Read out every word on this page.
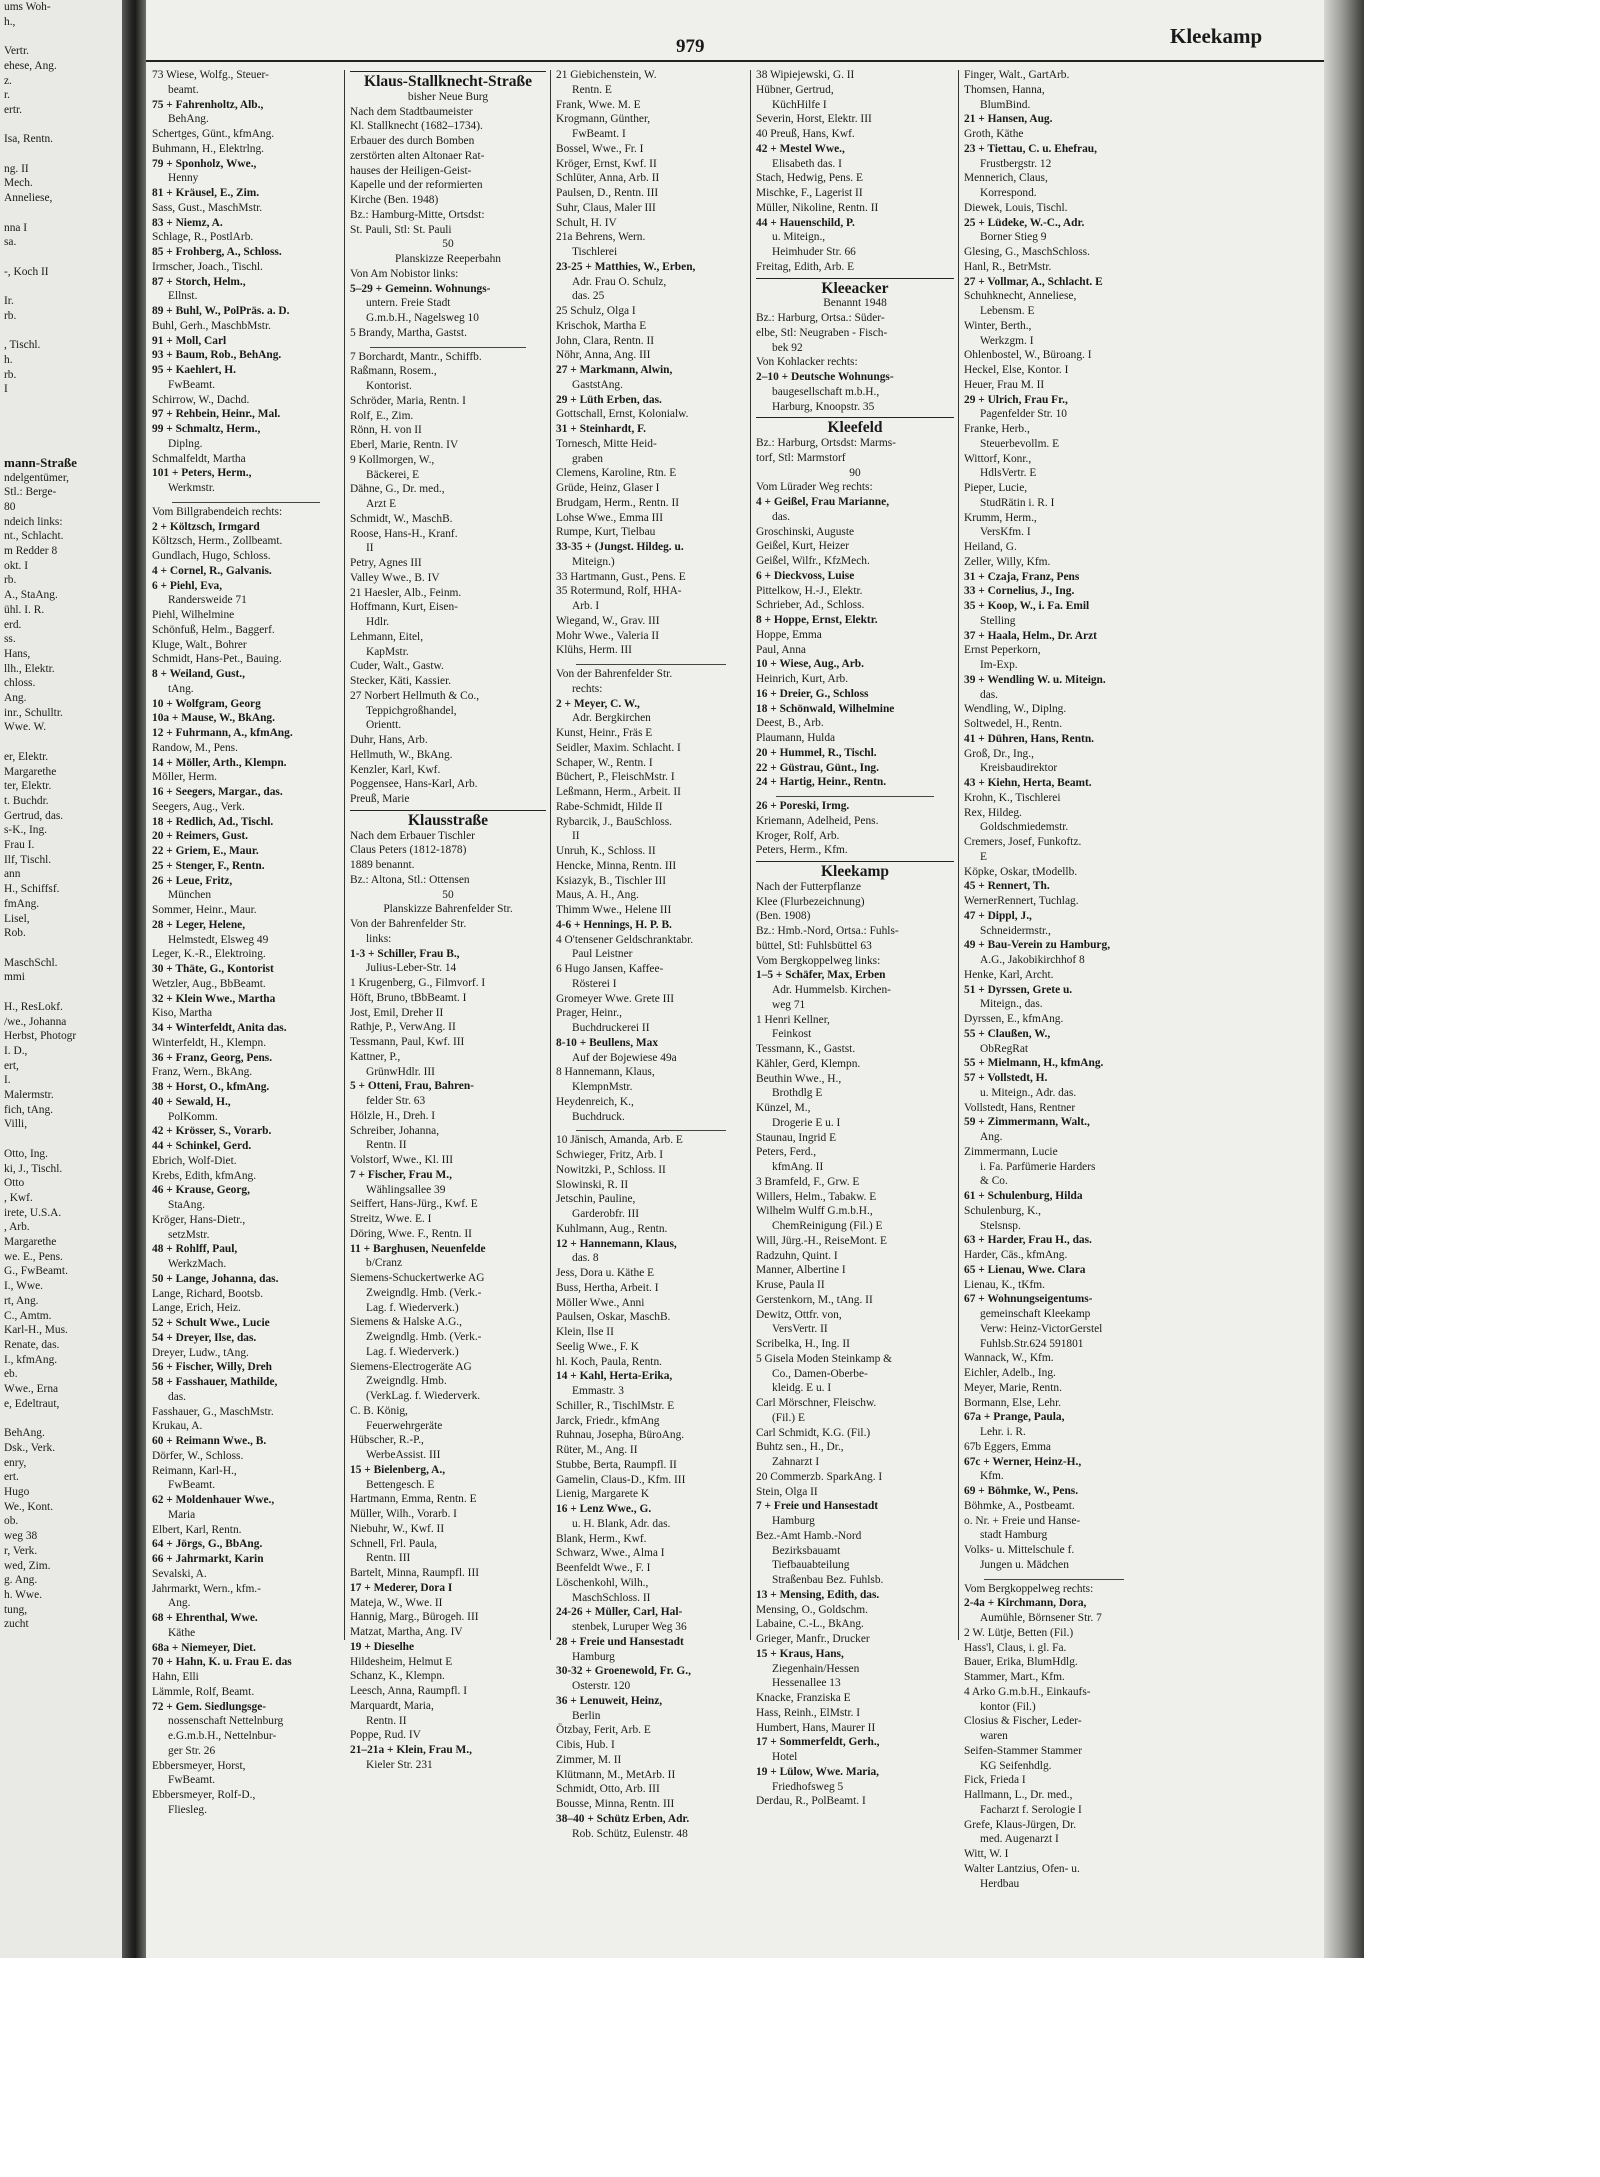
ums Woh-
h.,

Vertr.
ehese, Ang.
z.
r.
ertr.

Isa, Rentn.

ng. II
Mech.
Anneliese,

nna I
sa.

-, Koch II

Ir.
rb.

, Tischl.
h.
rb.
I

mann-Straße
ndelgentümer,
Stl.: Berge-
80
ndeich links:
nt., Schlacht.
m Redder 8
okt. I
rb.
A., StaAng.
ühl. I. R.
erd.
ss.
Hans,
llh., Elektr.
chloss.
Ang.
inr., Schulltr.
Wwe. W.

er, Elektr.
Margarethe
ter, Elektr.
t. Buchdr.
Gertrud, das.
s-K., Ing.
Frau I.
Ilf, Tischl.
ann
H., Schiffsf.
fmAng.
Lisel,
Rob.

MaschSchl.
mmi

H., ResLokf.
/we., Johanna
Herbst, Photogr
I. D.,
ert,
I.
Malermstr.
fich, tAng.
Villi,

Otto, Ing.
ki, J., Tischl.
Otto
, Kwf.
irete, U.S.A.
, Arb.
Margarethe
we. E., Pens.
G., FwBeamt.
I., Wwe.
rt, Ang.
C., Amtm.
Karl-H., Mus.
Renate, das.
I., kfmAng.
eb.
Wwe., Erna
e, Edeltraut,

BehAng.
Dsk., Verk.
enry,
ert.
Hugo
We., Kont.
ob.
weg 38
r, Verk.
wed, Zim.
g. Ang.
h. Wwe.
tung,
zucht
979	Kleekamp
73 Wiese, Wolfg., Steuer-
beamt.
75 + Fahrenholtz, Alb.,
BehAng.
Schertges, Günt., kfmAng.
Buhmann, H., Elektrlng.
79 + Sponholz, Wwe.,
Henny
81 + Kräusel, E., Zim.
Sass, Gust., MaschMstr.
83 + Niemz, A.
Schlage, R., PostlArb.
85 + Frohberg, A., Schloss.
Irmscher, Joach., Tischl.
87 + Storch, Helm.,
Ellnst.
89 + Buhl, W., PolPräs. a. D.
Buhl, Gerh., MaschbMstr.
91 + Moll, Carl
93 + Baum, Rob., BehAng.
95 + Kaehlert, H.
FwBeamt.
Schirrow, W., Dachd.
97 + Rehbein, Heinr., Mal.
99 + Schmaltz, Herm.,
Diplng.
Schmalfeldt, Martha
101 + Peters, Herm.,
Werkmstr.
Vom Billgrabendeich rechts:
2 + Költzsch, Irmgard
Költzsch, Herm., Zollbeamt.
Gundlach, Hugo, Schloss.
4 + Cornel, R., Galvanis.
6 + Piehl, Eva,
Randersweide 71
Piehl, Wilhelmine
Schönfuß, Helm., Baggerf.
Kluge, Walt., Bohrer
Schmidt, Hans-Pet., Bauing.
8 + Weiland, Gust.,
tAng.
10 + Wolfgram, Georg
10a + Mause, W., BkAng.
12 + Fuhrmann, A., kfmAng.
Randow, M., Pens.
14 + Möller, Arth., Klempn.
Möller, Herm.
16 + Seegers, Margar., das.
Seegers, Aug., Verk.
18 + Redlich, Ad., Tischl.
20 + Reimers, Gust.
22 + Griem, E., Maur.
25 + Stenger, F., Rentn.
26 + Leue, Fritz,
München
Sommer, Heinr., Maur.
28 + Leger, Helene,
Helmstedt, Elsweg 49
Leger, K.-R., Elektroing.
30 + Thäte, G., Kontorist
Wetzler, Aug., BbBeamt.
32 + Klein Wwe., Martha
Kiso, Martha
34 + Winterfeldt, Anita das.
Winterfeldt, H., Klempn.
36 + Franz, Georg, Pens.
Franz, Wern., BkAng.
38 + Horst, O., kfmAng.
40 + Sewald, H.,
PolKomm.
42 + Krösser, S., Vorarb.
44 + Schinkel, Gerd.
Ebrich, Wolf-Diet.
Krebs, Edith, kfmAng.
46 + Krause, Georg,
StaAng.
Kröger, Hans-Dietr.,
setzMstr.
48 + Rohlff, Paul,
WerkzMach.
50 + Lange, Johanna, das.
Lange, Richard, Bootsb.
Lange, Erich, Heiz.
52 + Schult Wwe., Lucie
54 + Dreyer, Ilse, das.
Dreyer, Ludw., tAng.
56 + Fischer, Willy, Dreh
58 + Fasshauer, Mathilde,
das.
Fasshauer, G., MaschMstr.
Krukau, A.
60 + Reimann Wwe., B.
Dörfer, W., Schloss.
Reimann, Karl-H.,
FwBeamt.
62 + Moldenhauer Wwe.,
Maria
Elbert, Karl, Rentn.
64 + Jörgs, G., BbAng.
66 + Jahrmarkt, Karin
Sevalski, A.
Jahrmarkt, Wern., kfm.-
Ang.
68 + Ehrenthal, Wwe.
Käthe
68a + Niemeyer, Diet.
70 + Hahn, K. u. Frau E. das
Hahn, Elli
Lämmle, Rolf, Beamt.
72 + Gem. Siedlungsge-
nossenschaft Nettelnburg
e.G.m.b.H., Nettelnbur-
ger Str. 26
Ebbersmeyer, Horst,
FwBeamt.
Ebbersmeyer, Rolf-D.,
Fliesleg.
Klaus-Stallknecht-Straße
bisher Neue Burg
Nach dem Stadtbaumeister
Kl. Stallknecht (1682–1734).
Erbauer des durch Bomben
zerstörten alten Altonaer Rat-
hauses der Heiligen-Geist-
Kapelle und der reformierten
Kirche (Ben. 1948)
Bz.: Hamburg-Mitte, Ortsdst:
St. Pauli, Stl: St. Pauli
50
Planskizze Reeperbahn
Von Am Nobistor links:
5–29 + Gemeinn. Wohnungs-
untern. Freie Stadt
G.m.b.H., Nagelsweg 10
5 Brandy, Martha, Gastst.
7 Borchardt, Mantr., Schiffb.
Raßmann, Rosem.,
Kontorist.
Schröder, Maria, Rentn. I
Rolf, E., Zim.
Rönn, H. von II
Eberl, Marie, Rentn. IV
9 Kollmorgen, W.,
Bäckerei, E
Dähne, G., Dr. med.,
Arzt E
Schmidt, W., MaschB.
Roose, Hans-H., Kranf.
II
Petry, Agnes III
Valley Wwe., B. IV
21 Haesler, Alb., Feinm.
Hoffmann, Kurt, Eisen-
Hdlr.
Lehmann, Eitel,
KapMstr.
Cuder, Walt., Gastw.
Stecker, Käti, Kassier.
27 Norbert Hellmuth & Co.,
Teppichgroßhandel,
Orientt.
Duhr, Hans, Arb.
Hellmuth, W., BkAng.
Kenzler, Karl, Kwf.
Poggensee, Hans-Karl, Arb.
Preuß, Marie
Klausstraße
Nach dem Erbauer Tischler
Claus Peters (1812-1878)
1889 benannt.
Bz.: Altona, Stl.: Ottensen
50
Planskizze Bahrenfelder Str.
Von der Bahrenfelder Str.
links:
1-3 + Schiller, Frau B.,
Julius-Leber-Str. 14
1 Krugenberg, G., Filmvorf. I
Höft, Bruno, tBbBeamt. I
Jost, Emil, Dreher II
Rathje, P., VerwAng. II
Tessmann, Paul, Kwf. III
Kattner, P.,
GrünwHdlr. III
5 + Otteni, Frau, Bahren-
felder Str. 63
Hölzle, H., Dreh. I
Schreiber, Johanna,
Rentn. II
Volstorf, Wwe., Kl. III
7 + Fischer, Frau M.,
Wählingsallee 39
Seiffert, Hans-Jürg., Kwf. E
Streitz, Wwe. E. I
Döring, Wwe. F., Rentn. II
11 + Barghusen, Neuenfelde
b/Cranz
Siemens-Schuckertwerke AG
Zweigndlg. Hmb. (Verk.-
Lag. f. Wiederverk.)
Siemens & Halske A.G.,
Zweigndlg. Hmb. (Verk.-
Lag. f. Wiederverk.)
Siemens-Electrogeräte AG
Zweigndlg. Hmb.
(VerkLag. f. Wiederverk.
C. B. König,
Feuerwehrgeräte
Hübscher, R.-P.,
WerbeAssist. III
15 + Bielenberg, A.,
Bettengesch. E
Hartmann, Emma, Rentn. E
Müller, Wilh., Vorarb. I
Niebuhr, W., Kwf. II
Schnell, Frl. Paula,
Rentn. III
Bartelt, Minna, Raumpfl. III
17 + Mederer, Dora I
Mateja, W., Wwe. II
Hannig, Marg., Bürogeh. III
Matzat, Martha, Ang. IV
19 + Dieselhe
Hildesheim, Helmut E
Schanz, K., Klempn.
Leesch, Anna, Raumpfl. I
Marquardt, Maria,
Rentn. II
Poppe, Rud. IV
21–21a + Klein, Frau M.,
Kieler Str. 231
21 Giebichenstein, W.
Rentn. E
Frank, Wwe. M. E
Krogmann, Günther,
FwBeamt. I
Bossel, Wwe., Fr. I
Kröger, Ernst, Kwf. II
Schlüter, Anna, Arb. II
Paulsen, D., Rentn. III
Suhr, Claus, Maler III
Schult, H. IV
21a Behrens, Wern.
Tischlerei
23-25 + Matthies, W., Erben,
Adr. Frau O. Schulz,
das. 25
25 Schulz, Olga I
Krischok, Martha E
John, Clara, Rentn. II
Nöhr, Anna, Ang. III
27 + Markmann, Alwin,
GaststAng.
29 + Lüth Erben, das.
Gottschall, Ernst, Kolonialw.
31 + Steinhardt, F.
Tornesch, Mitte Heid-
graben
Clemens, Karoline, Rtn. E
Grüde, Heinz, Glaser I
Brudgam, Herm., Rentn. II
Lohse Wwe., Emma III
Rumpe, Kurt, Tielbau
33-35 + (Jungst. Hildeg. u.
Miteign.)
33 Hartmann, Gust., Pens. E
35 Rotermund, Rolf, HHA-
Arb. I
Wiegand, W., Grav. III
Mohr Wwe., Valeria II
Klühs, Herm. III
Von der Bahrenfelder Str.
rechts:
2 + Meyer, C. W.,
Adr. Bergkirchen
Kunst, Heinr., Fräs E
Seidler, Maxim. Schlacht. I
Schaper, W., Rentn. I
Büchert, P., FleischMstr. I
Leßmann, Herm., Arbeit. II
Rabe-Schmidt, Hilde II
Rybarcik, J., BauSchloss.
II
Unruh, K., Schloss. II
Hencke, Minna, Rentn. III
Ksiazyk, B., Tischler III
Maus, A. H., Ang.
Thimm Wwe., Helene III
4-6 + Hennings, H. P. B.
4 O'tensener Geldschranktabr.
Paul Leistner
6 Hugo Jansen, Kaffee-
Rösterei I
Gromeyer Wwe. Grete III
Prager, Heinr.,
Buchdruckerei II
8-10 + Beullens, Max
Auf der Bojewiese 49a
8 Hannemann, Klaus,
KlempnMstr.
Heydenreich, K.,
Buchdruck.
10 Jänisch, Amanda, Arb. E
Schwieger, Fritz, Arb. I
Nowitzki, P., Schloss. II
Slowinski, R. II
Jetschin, Pauline,
Garderobfr. III
Kuhlmann, Aug., Rentn.
12 + Hannemann, Klaus,
das. 8
Jess, Dora u. Käthe E
Buss, Hertha, Arbeit. I
Möller Wwe., Anni
Paulsen, Oskar, MaschB.
Klein, Ilse II
Seelig Wwe., F. K
hl. Koch, Paula, Rentn.
14 + Kahl, Herta-Erika,
Emmastr. 3
Schiller, R., TischlMstr. E
Jarck, Friedr., kfmAng
Ruhnau, Josepha, BüroAng.
Rüter, M., Ang. II
Stubbe, Berta, Raumpfl. II
Gamelin, Claus-D., Kfm. III
Lienig, Margarete K
16 + Lenz Wwe., G.
u. H. Blank, Adr. das.
Blank, Herm., Kwf.
Schwarz, Wwe., Alma I
Beenfeldt Wwe., F. I
Löschenkohl, Wilh.,
MaschSchloss. II
24-26 + Müller, Carl, Hal-
stenbek, Luruper Weg 36
28 + Freie und Hansestadt
Hamburg
30-32 + Groenewold, Fr. G.,
Osterstr. 120
36 + Lenuweit, Heinz,
Berlin
Ötzbay, Ferit, Arb. E
Cibis, Hub. I
Zimmer, M. II
Klütmann, M., MetArb. II
Schmidt, Otto, Arb. III
Bousse, Minna, Rentn. III
38–40 + Schütz Erben, Adr.
Rob. Schütz, Eulenstr. 48
38 Wipiejewski, G. II
Hübner, Gertrud,
KüchHilfe I
Severin, Horst, Elektr. III
40 Preuß, Hans, Kwf.
42 + Mestel Wwe.,
Elisabeth das. I
Stach, Hedwig, Pens. E
Mischke, F., Lagerist II
Müller, Nikoline, Rentn. II
44 + Hauenschild, P.
u. Miteign.,
Heimhuder Str. 66
Freitag, Edith, Arb. E
Kleeacker
Benannt 1948
Bz.: Harburg, Ortsa.: Süder-
elbe, Stl: Neugraben - Fisch-
bek 92
Von Kohlacker rechts:
2–10 + Deutsche Wohnungs-
baugesellschaft m.b.H.,
Harburg, Knoopstr. 35
Kleefeld
Bz.: Harburg, Ortsdst: Marms-
torf, Stl: Marmstorf
90
Vom Lürader Weg rechts:
4 + Geißel, Frau Marianne,
das.
Groschinski, Auguste
Geißel, Kurt, Heizer
Geißel, Wilfr., KfzMech.
6 + Dieckvoss, Luise
Pittelkow, H.-J., Elektr.
Schrieber, Ad., Schloss.
8 + Hoppe, Ernst, Elektr.
Hoppe, Emma
Paul, Anna
10 + Wiese, Aug., Arb.
Heinrich, Kurt, Arb.
16 + Dreier, G., Schloss
18 + Schönwald, Wilhelmine
Deest, B., Arb.
Plaumann, Hulda
20 + Hummel, R., Tischl.
22 + Güstrau, Günt., Ing.
24 + Hartig, Heinr., Rentn.
26 + Poreski, Irmg.
Kriemann, Adelheid, Pens.
Kroger, Rolf, Arb.
Peters, Herm., Kfm.
Kleekamp
Nach der Futterpflanze
Klee (Flurbezeichnung)
(Ben. 1908)
Bz.: Hmb.-Nord, Ortsa.: Fuhls-
büttel, Stl: Fuhlsbüttel 63
Vom Bergkoppelweg links:
1–5 + Schäfer, Max, Erben
Adr. Hummelsb. Kirchen-
weg 71
1 Henri Kellner,
Feinkost
Tessmann, K., Gastst.
Kähler, Gerd, Klempn.
Beuthin Wwe., H.,
Brothdlg E
Künzel, M.,
Drogerie E u. I
Staunau, Ingrid E
Peters, Ferd.,
kfmAng. II
3 Bramfeld, F., Grw. E
Willers, Helm., Tabakw. E
Wilhelm Wulff G.m.b.H.,
ChemReinigung (Fil.) E
Will, Jürg.-H., ReiseMont. E
Radzuhn, Quint. I
Manner, Albertine I
Kruse, Paula II
Gerstenkorn, M., tAng. II
Dewitz, Ottfr. von,
VersVertr. II
Scribelka, H., Ing. II
5 Gisela Moden Steinkamp &
Co., Damen-Oberbe-
kleidg. E u. I
Carl Mörschner, Fleischw.
(Fil.) E
Carl Schmidt, K.G. (Fil.)
Buhtz sen., H., Dr.,
Zahnarzt I
20 Commerzb. SparkAng. I
Stein, Olga II
7 + Freie und Hansestadt
Hamburg
Bez.-Amt Hamb.-Nord
Bezirksbauamt
Tiefbauabteilung
Straßenbau Bez. Fuhlsb.
13 + Mensing, Edith, das.
Mensing, O., Goldschm.
Labaine, C.-L., BkAng.
Grieger, Manfr., Drucker
15 + Kraus, Hans,
Ziegenhain/Hessen
Hessenallee 13
Knacke, Franziska E
Hass, Reinh., ElMstr. I
Humbert, Hans, Maurer II
17 + Sommerfeldt, Gerh.,
Hotel
19 + Lülow, Wwe. Maria,
Friedhofsweg 5
Derdau, R., PolBeamt. I
Finger, Walt., GartArb.
Thomsen, Hanna,
BlumBind.
21 + Hansen, Aug.
Groth, Käthe
23 + Tiettau, C. u. Ehefrau,
Frustbergstr. 12
Mennerich, Claus,
Korrespond.
Diewek, Louis, Tischl.
25 + Lüdeke, W.-C., Adr.
Borner Stieg 9
Glesing, G., MaschSchloss.
Hanl, R., BetrMstr.
27 + Vollmar, A., Schlacht. E
Schuhknecht, Anneliese,
Lebensm. E
Winter, Berth.,
Werkzgm. I
Ohlenbostel, W., Büroang. I
Heckel, Else, Kontor. I
Heuer, Frau M. II
29 + Ulrich, Frau Fr.,
Pagenfelder Str. 10
Franke, Herb.,
Steuerbevollm. E
Wittorf, Konr.,
HdlsVertr. E
Pieper, Lucie,
StudRätin i. R. I
Krumm, Herm.,
VersKfm. I
Heiland, G.
Zeller, Willy, Kfm.
31 + Czaja, Franz, Pens
33 + Cornelius, J., Ing.
35 + Koop, W., i. Fa. Emil
Stelling
37 + Haala, Helm., Dr. Arzt
Ernst Peperkorn,
Im-Exp.
39 + Wendling W. u. Miteign.
das.
Wendling, W., Diplng.
Soltwedel, H., Rentn.
41 + Dühren, Hans, Rentn.
Groß, Dr., Ing.,
Kreisbaudirektor
43 + Kiehn, Herta, Beamt.
Krohn, K., Tischlerei
Rex, Hildeg.
Goldschmiedemstr.
Cremers, Josef, Funkoftz.
E
Köpke, Oskar, tModellb.
45 + Rennert, Th.
WernerRennert, Tuchlag.
47 + Dippl, J.,
Schneidermstr.,
49 + Bau-Verein zu Hamburg,
A.G., Jakobikirchhof 8
Henke, Karl, Archt.
51 + Dyrssen, Grete u.
Miteign., das.
Dyrssen, E., kfmAng.
55 + Claußen, W.,
ObRegRat
55 + Mielmann, H., kfmAng.
57 + Vollstedt, H.
u. Miteign., Adr. das.
Vollstedt, Hans, Rentner
59 + Zimmermann, Walt.,
Ang.
Zimmermann, Lucie
i. Fa. Parfümerie Harders
& Co.
61 + Schulenburg, Hilda
Schulenburg, K.,
Stelsnsp.
63 + Harder, Frau H., das.
Harder, Cäs., kfmAng.
65 + Lienau, Wwe. Clara
Lienau, K., tKfm.
67 + Wohnungseigentums-
gemeinschaft Kleekamp
Verw: Heinz-VictorGerstel
Fuhlsb.Str.624 591801
Wannack, W., Kfm.
Eichler, Adelb., Ing.
Meyer, Marie, Rentn.
Bormann, Else, Lehr.
67a + Prange, Paula,
Lehr. i. R.
67b Eggers, Emma
67c + Werner, Heinz-H.,
Kfm.
69 + Böhmke, W., Pens.
Böhmke, A., Postbeamt.
o. Nr. + Freie und Hanse-
stadt Hamburg
Volks- u. Mittelschule f.
Jungen u. Mädchen
Vom Bergkoppelweg rechts:
2-4a + Kirchmann, Dora,
Aumühle, Börnsener Str. 7
2 W. Lütje, Betten (Fil.)
Hass'l, Claus, i. gl. Fa.
Bauer, Erika, BlumHdlg.
Stammer, Mart., Kfm.
4 Arko G.m.b.H., Einkaufs-
kontor (Fil.)
Closius & Fischer, Leder-
waren
Seifen-Stammer Stammer
KG Seifenhdlg.
Fick, Frieda I
Hallmann, L., Dr. med.,
Facharzt f. Serologie I
Grefe, Klaus-Jürgen, Dr.
med. Augenarzt I
Witt, W. I
Walter Lantzius, Ofen- u.
Herdbau
